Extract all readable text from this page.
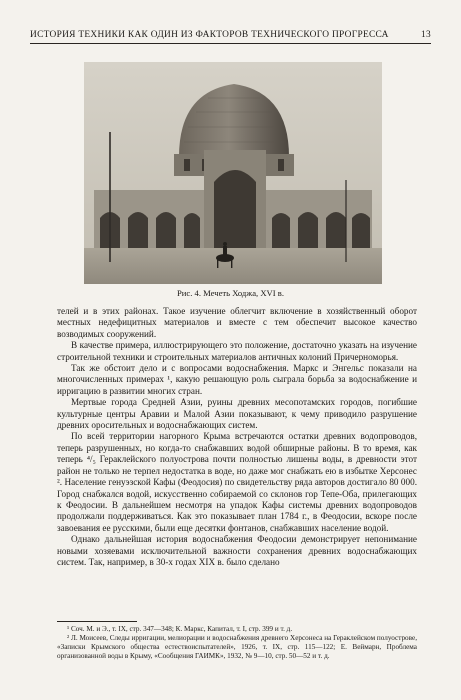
ИСТОРИЯ ТЕХНИКИ КАК ОДИН ИЗ ФАКТОРОВ ТЕХНИЧЕСКОГО ПРОГРЕССА	13
Рис. 4. Мечеть Ходжа, XVI в.

телей и в этих районах. Такое изучение облегчит включение в хозяйственный оборот местных недефицитных материалов и вместе с тем обеспечит высокое качество возводимых сооружений.

В качестве примера, иллюстрирующего это положение, достаточно указать на изучение строительной техники и строительных материалов античных колоний Причерноморья.

Так же обстоит дело и с вопросами водоснабжения. Маркс и Энгельс показали на многочисленных примерах ¹, какую решающую роль сыграла борьба за водоснабжение и ирригацию в развитии многих стран.

Мертвые города Средней Азии, руины древних месопотамских городов, погибшие культурные центры Аравии и Малой Азии показывают, к чему приводило разрушение древних оросительных и водоснабжающих систем.

По всей территории нагорного Крыма встречаются остатки древних водопроводов, теперь разрушенных, но когда-то снабжавших водой обширные районы. В то время, как теперь ⁴/₅ Гераклейского полуострова почти полностью лишены воды, в древности этот район не только не терпел недостатка в воде, но даже мог снабжать ею в избытке Херсонес ². Население генуэзской Кафы (Феодосия) по свидетельству ряда авторов достигало 80 000. Город снабжался водой, искусственно собираемой со склонов гор Тепе-Оба, прилегающих к Феодосии. В дальнейшем несмотря на упадок Кафы системы древних водопроводов продолжали поддерживаться. Как это показывает план 1784 г., в Феодосии, вскоре после завоевания ее русскими, были еще десятки фонтанов, снабжавших население водой.

Однако дальнейшая история водоснабжения Феодосии демонстрирует непонимание новыми хозяевами исключительной важности сохранения древних водоснабжающих систем. Так, например, в 30-х годах XIX в. было сделано

¹ Соч. М. и Э., т. IX, стр. 347—348; К. Маркс, Капитал, т. I, стр. 399 и т. д.

² Л. Моисеев, Следы ирригации, мелиорации и водоснабжения древнего Херсонеса на Гераклейском полуострове, «Записки Крымского общества естествоиспытателей», 1926, т. IX, стр. 115—122; Е. Веймарн, Проблема организованной воды в Крыму, «Сообщения ГАИМК», 1932, № 9—10, стр. 50—52 и т. д.
